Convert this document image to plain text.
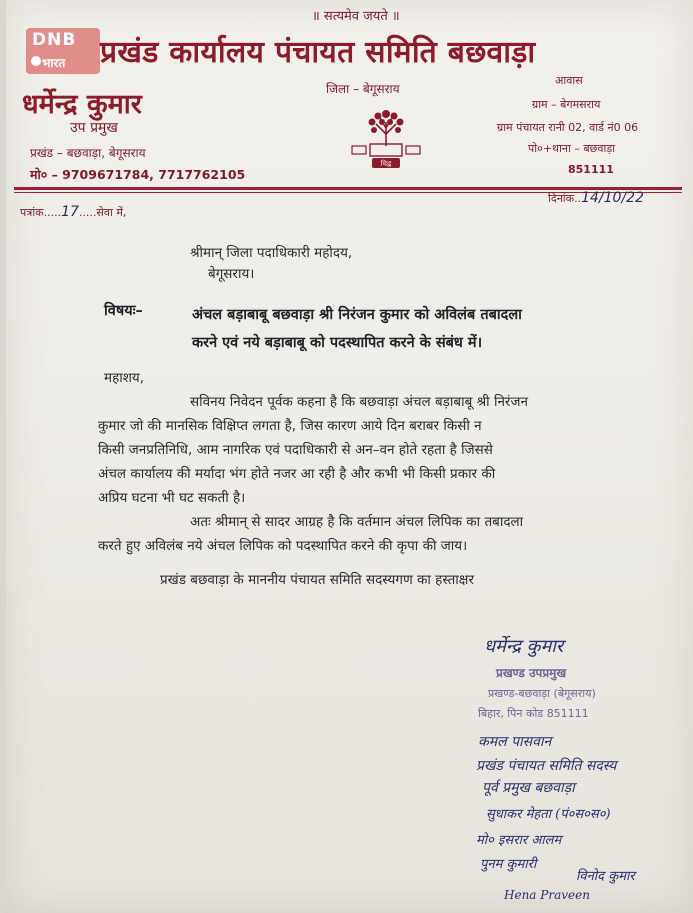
॥ सत्यमेव जयते ॥
DNB
भारत प्रखंड कार्यालय पंचायत समिति बछवाड़ा
धर्मेन्द्र कुमार
उप प्रमुख
प्रखंड – बछवाड़ा, बेगूसराय
मो० – 9709671784, 7717762105
जिला – बेगूसराय
चिह्न
आवास
ग्राम – बेगमसराय
ग्राम पंचायत रानी 02, वार्ड नं0 06
पो०+थाना – बछवाड़ा
851111
पत्रांक.....17.....सेवा में,
दिनांक..14/10/22
श्रीमान् जिला पदाधिकारी महोदय,
बेगूसराय।
विषयः–	अंचल बड़ाबाबू बछवाड़ा श्री निरंजन कुमार को अविलंब तबादला
करने एवं नये बड़ाबाबू को पदस्थापित करने के संबंध में।
महाशय,
सविनय निवेदन पूर्वक कहना है कि बछवाड़ा अंचल बड़ाबाबू श्री निरंजन
कुमार जो की मानसिक विक्षिप्त लगता है, जिस कारण आये दिन बराबर किसी न
किसी जनप्रतिनिधि, आम नागरिक एवं पदाधिकारी से अन–वन होते रहता है जिससे
अंचल कार्यालय की मर्यादा भंग होते नजर आ रही है और कभी भी किसी प्रकार की
अप्रिय घटना भी घट सकती है।
अतः श्रीमान् से सादर आग्रह है कि वर्तमान अंचल लिपिक का तबादला
करते हुए अविलंब नये अंचल लिपिक को पदस्थापित करने की कृपा की जाय।
प्रखंड बछवाड़ा के माननीय पंचायत समिति सदस्यगण का हस्ताक्षर
धर्मेन्द्र कुमार
प्रखण्ड उपप्रमुख
प्रखण्ड-बछवाड़ा (बेगूसराय)
बिहार, पिन कोड 851111
कमल पासवान
प्रखंड पंचायत समिति सदस्य
पूर्व प्रमुख बछवाड़ा
सुधाकर मेहता (पं०स०स०)
मो० इसरार आलम
पुनम कुमारी
विनोद कुमार
Hena Praveen
